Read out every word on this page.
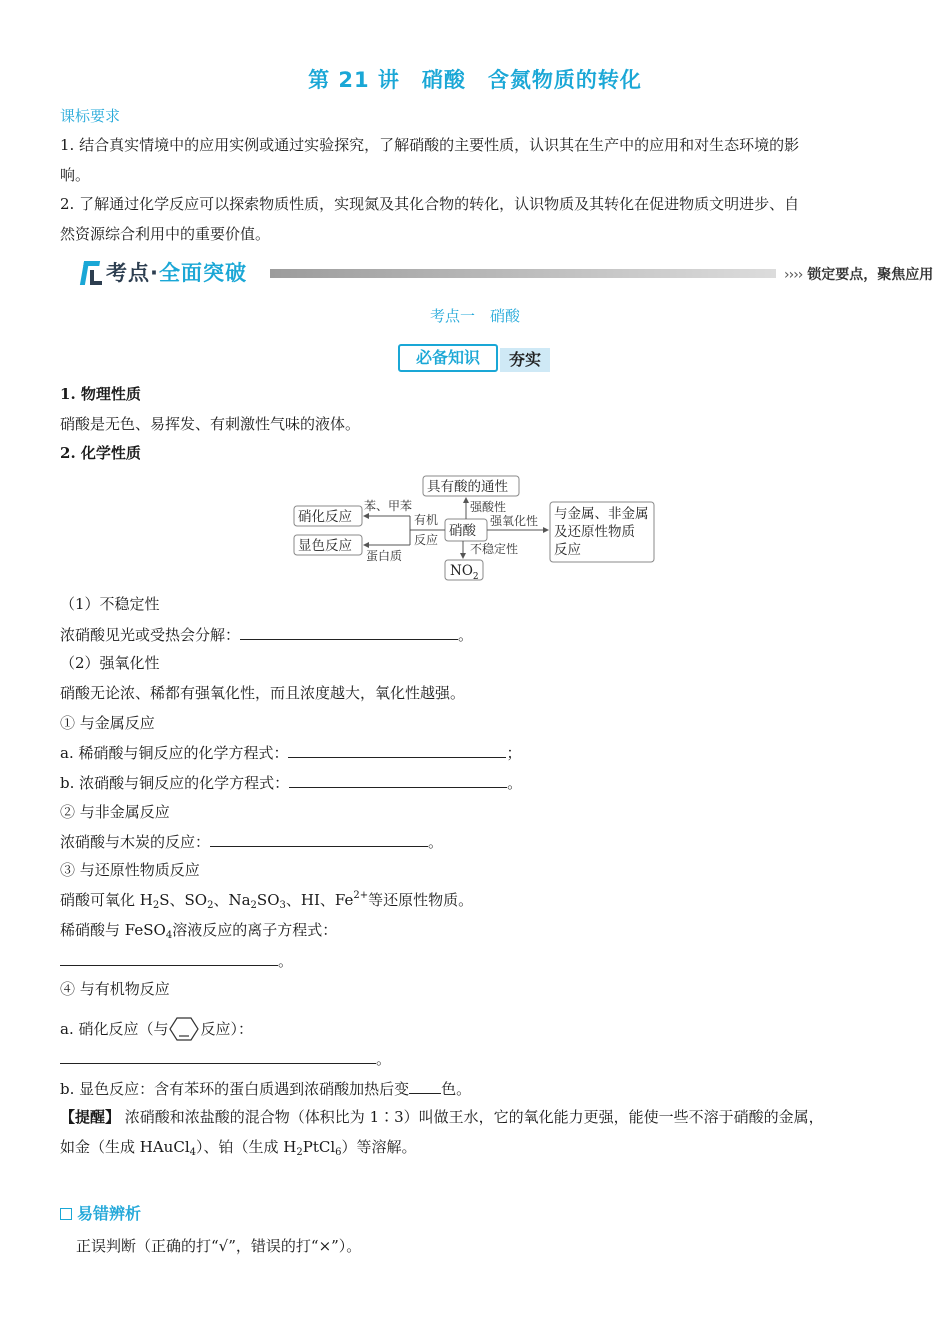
第 21 讲　硝酸　含氮物质的转化
课标要求
1. 结合真实情境中的应用实例或通过实验探究，了解硝酸的主要性质，认识其在生产中的应用和对生态环境的影
响。
2. 了解通过化学反应可以探索物质性质，实现氮及其化合物的转化，认识物质及其转化在促进物质文明进步、自
然资源综合利用中的重要价值。
考点·全面突破	›››› 锁定要点，聚焦应用
考点一　硝酸
必备知识	夯实
1. 物理性质
硝酸是无色、易挥发、有刺激性气味的液体。
2. 化学性质
硝酸
具有酸的通性
强酸性	与金属、非金属
及还原性物质
反应
强氧化性
$NO_2$
不稳定性
有机
反应
硝化反应
苯、甲苯
显色反应
蛋白质
（1）不稳定性
浓硝酸见光或受热会分解：	。
（2）强氧化性
硝酸无论浓、稀都有强氧化性，而且浓度越大，氧化性越强。
① 与金属反应
a. 稀硝酸与铜反应的化学方程式：	；
b. 浓硝酸与铜反应的化学方程式：	。
② 与非金属反应
浓硝酸与木炭的反应：	。
③ 与还原性物质反应
硝酸可氧化 $H_2S$、$SO_2$、$Na_2SO_3$、HI、$Fe^{2+}$等还原性物质。
稀硝酸与 FeSO$_4$溶液反应的离子方程式：
。
④ 与有机物反应
a. 硝化反应（与 反应）：
。
b. 显色反应：含有苯环的蛋白质遇到浓硝酸加热后变 色。
【提醒】 浓硝酸和浓盐酸的混合物（体积比为 1∶3）叫做王水，它的氧化能力更强，能使一些不溶于硝酸的金属，
如金（生成 HAuCl$_4$）、铂（生成 $H_2PtCl_6$）等溶解。
易错辨析
正误判断（正确的打“√”，错误的打“×”）。
